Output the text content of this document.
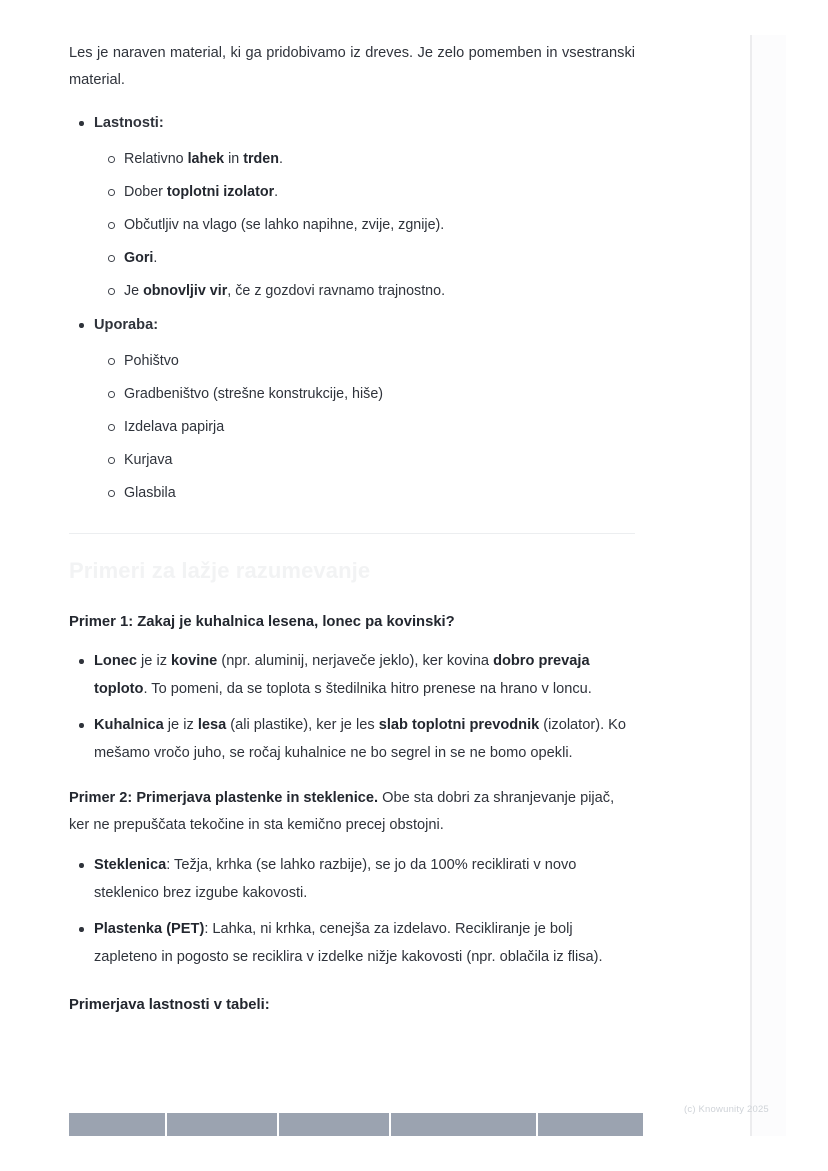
Les je naraven material, ki ga pridobivamo iz dreves. Je zelo pomemben in vsestranski material.

Lastnosti:
Relativno lahek in trden.
Dober toplotni izolator.
Občutljiv na vlago (se lahko napihne, zvije, zgnije).
Gori.
Je obnovljiv vir, če z gozdovi ravnamo trajnostno.
Uporaba:
Pohištvo
Gradbeništvo (strešne konstrukcije, hiše)
Izdelava papirja
Kurjava
Glasbila
Primeri za lažje razumevanje
Primer 1: Zakaj je kuhalnica lesena, lonec pa kovinski?
Lonec je iz kovine (npr. aluminij, nerjaveče jeklo), ker kovina dobro prevaja toploto. To pomeni, da se toplota s štedilnika hitro prenese na hrano v loncu.
Kuhalnica je iz lesa (ali plastike), ker je les slab toplotni prevodnik (izolator). Ko mešamo vročo juho, se ročaj kuhalnice ne bo segrel in se ne bomo opekli.

Primer 2: Primerjava plastenke in steklenice. Obe sta dobri za shranjevanje pijač, ker ne prepuščata tekočine in sta kemično precej obstojni.

Steklenica: Težja, krhka (se lahko razbije), se jo da 100% reciklirati v novo steklenico brez izgube kakovosti.
Plastenka (PET): Lahka, ni krhka, cenejša za izdelavo. Recikliranje je bolj zapleteno in pogosto se reciklira v izdelke nižje kakovosti (npr. oblačila iz flisa).

Primerjava lastnosti v tabeli:

(c) Knowunity 2025
